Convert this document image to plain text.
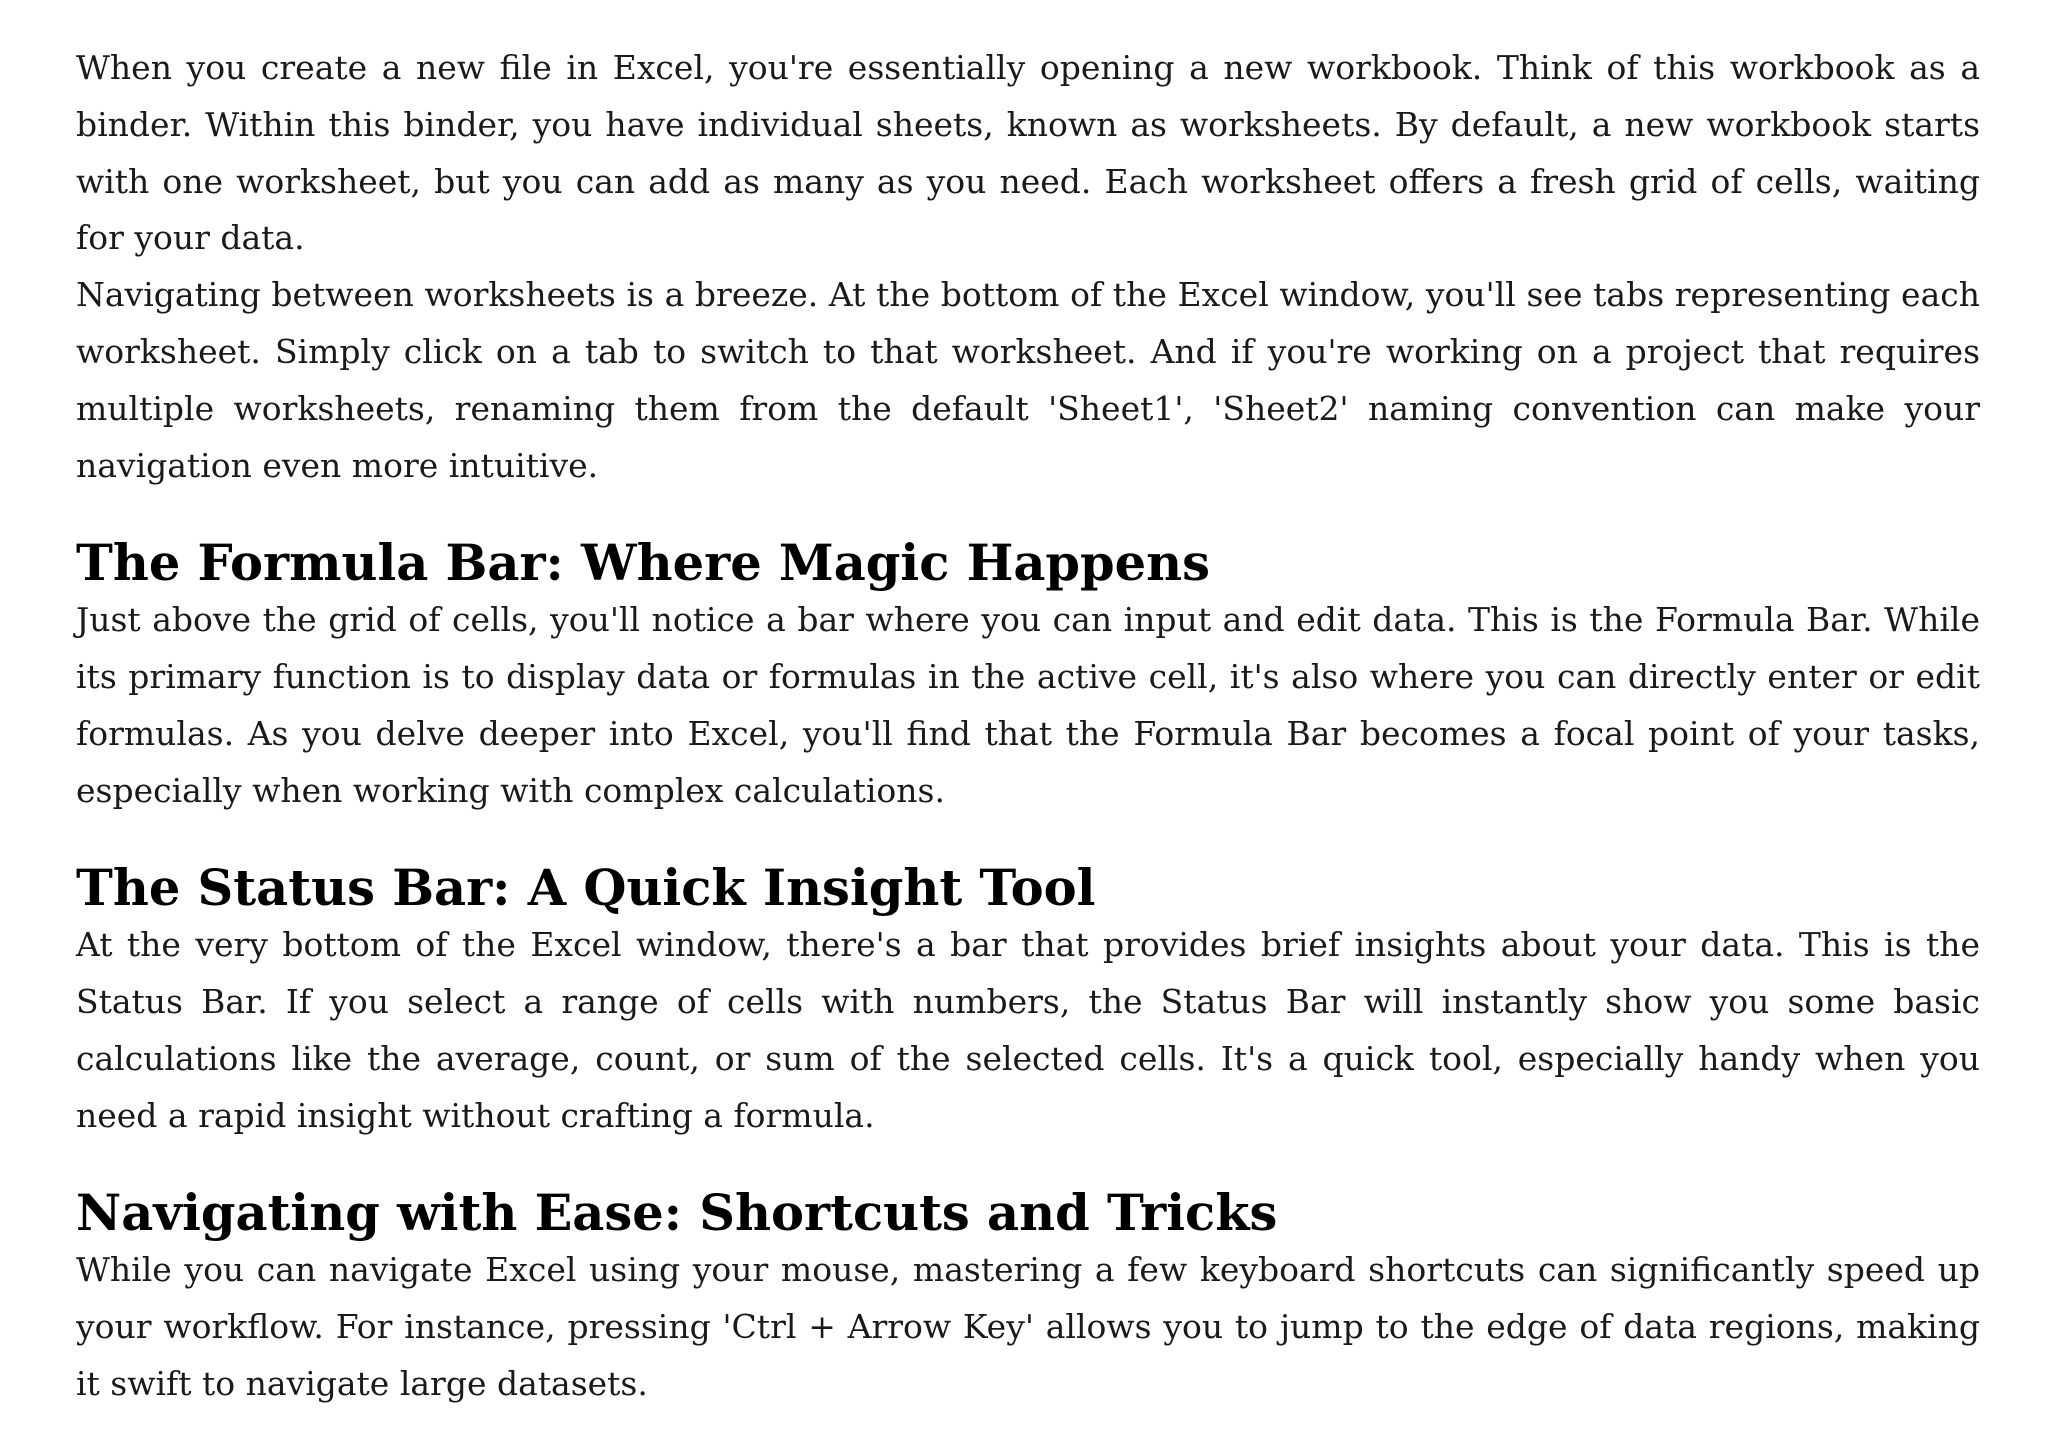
When you create a new file in Excel, you're essentially opening a new workbook. Think of this workbook as a binder. Within this binder, you have individual sheets, known as worksheets. By default, a new workbook starts with one worksheet, but you can add as many as you need. Each worksheet offers a fresh grid of cells, waiting for your data.

Navigating between worksheets is a breeze. At the bottom of the Excel window, you'll see tabs representing each worksheet. Simply click on a tab to switch to that worksheet. And if you're working on a project that requires multiple worksheets, renaming them from the default 'Sheet1', 'Sheet2' naming convention can make your navigation even more intuitive.

The Formula Bar: Where Magic Happens

Just above the grid of cells, you'll notice a bar where you can input and edit data. This is the Formula Bar. While its primary function is to display data or formulas in the active cell, it's also where you can directly enter or edit formulas. As you delve deeper into Excel, you'll find that the Formula Bar becomes a focal point of your tasks, especially when working with complex calculations.

The Status Bar: A Quick Insight Tool

At the very bottom of the Excel window, there's a bar that provides brief insights about your data. This is the Status Bar. If you select a range of cells with numbers, the Status Bar will instantly show you some basic calculations like the average, count, or sum of the selected cells. It's a quick tool, especially handy when you need a rapid insight without crafting a formula.

Navigating with Ease: Shortcuts and Tricks

While you can navigate Excel using your mouse, mastering a few keyboard shortcuts can significantly speed up your workflow. For instance, pressing 'Ctrl + Arrow Key' allows you to jump to the edge of data regions, making it swift to navigate large datasets.
